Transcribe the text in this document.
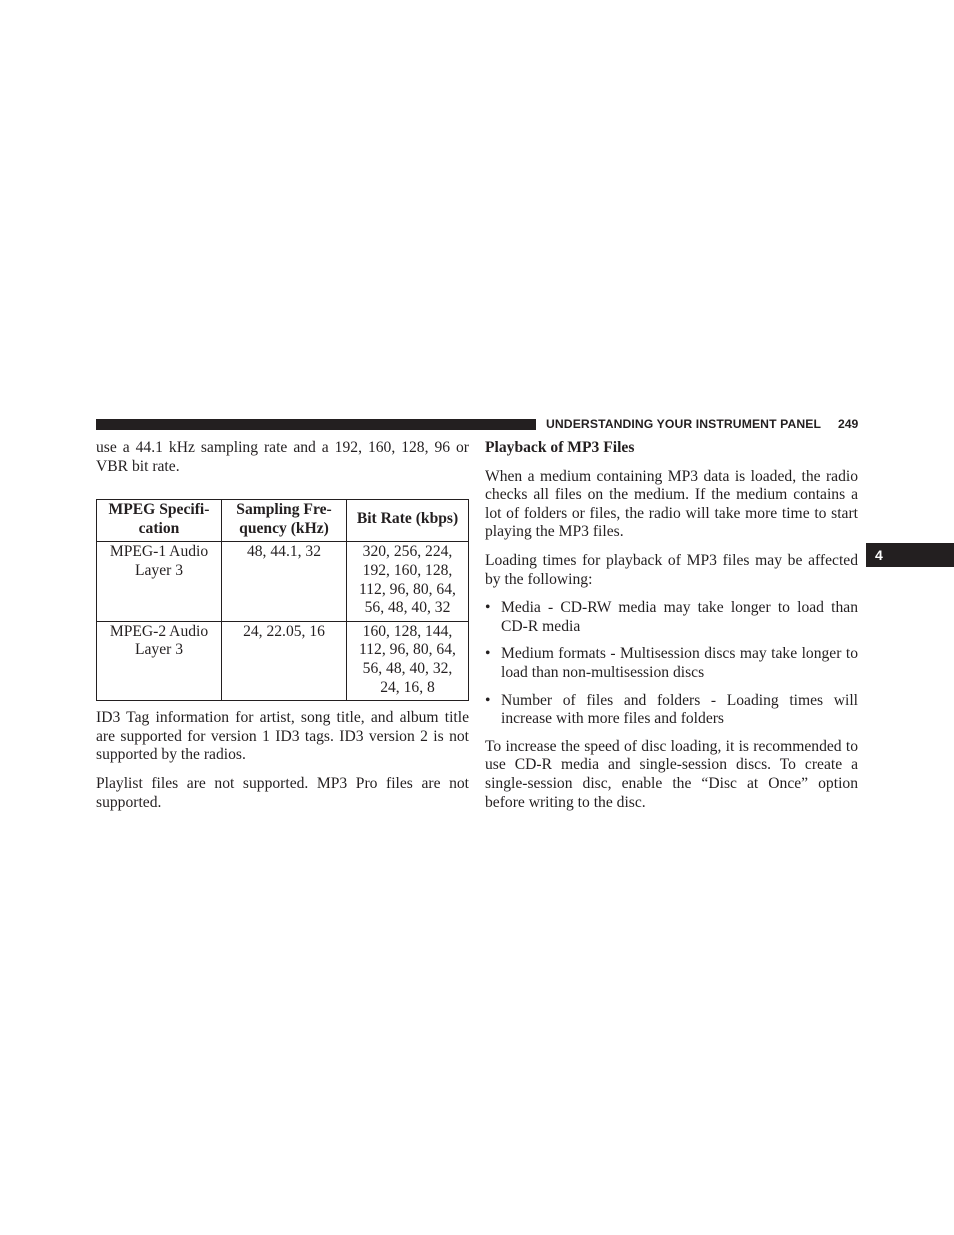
UNDERSTANDING YOUR INSTRUMENT PANEL 249
4

use a 44.1 kHz sampling rate and a 192, 160, 128, 96 or VBR bit rate.

MPEG Specifi-cation	Sampling Fre-quency (kHz)	Bit Rate (kbps)
MPEG-1 Audio Layer 3	48, 44.1, 32	320, 256, 224, 192, 160, 128, 112, 96, 80, 64, 56, 48, 40, 32
MPEG-2 Audio Layer 3	24, 22.05, 16	160, 128, 144, 112, 96, 80, 64, 56, 48, 40, 32, 24, 16, 8

ID3 Tag information for artist, song title, and album title are supported for version 1 ID3 tags. ID3 version 2 is not supported by the radios.

Playlist files are not supported. MP3 Pro files are not supported.

Playback of MP3 Files

When a medium containing MP3 data is loaded, the radio checks all files on the medium. If the medium contains a lot of folders or files, the radio will take more time to start playing the MP3 files.

Loading times for playback of MP3 files may be affected by the following:

• Media - CD-RW media may take longer to load than CD-R media
• Medium formats - Multisession discs may take longer to load than non-multisession discs
• Number of files and folders - Loading times will increase with more files and folders

To increase the speed of disc loading, it is recommended to use CD-R media and single-session discs. To create a single-session disc, enable the “Disc at Once” option before writing to the disc.
